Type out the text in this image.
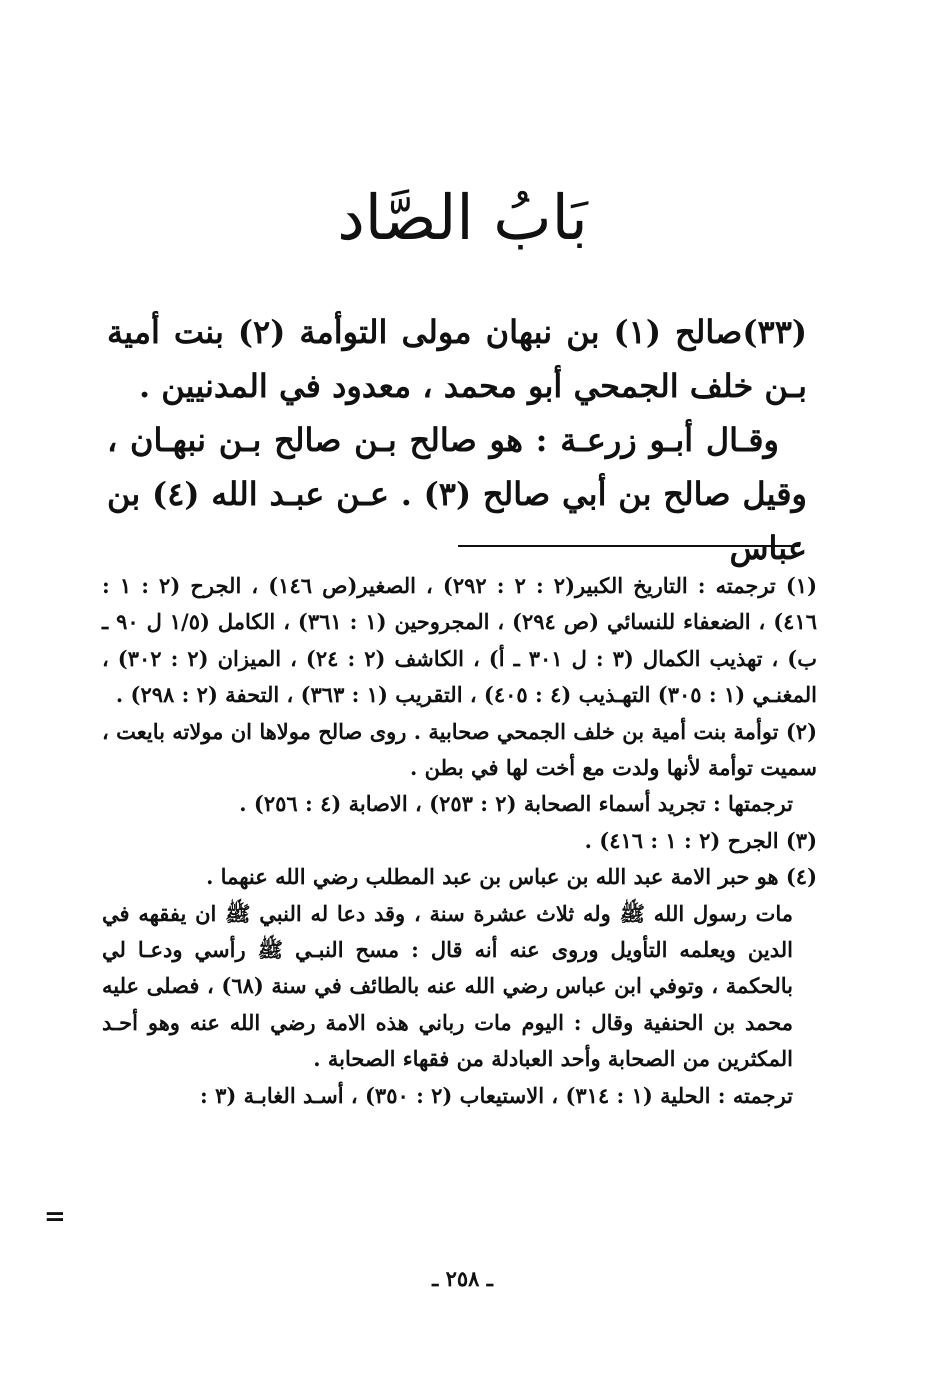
بَابُ الصَّاد

(٣٣)صالح (١) بن نبهان مولى التوأمة (٢) بنت أمية بـن خلف الجمحي أبو محمد ، معدود في المدنيين .

وقـال أبـو زرعـة : هو صالح بـن صالح بـن نبهـان ، وقيل صالح بن أبي صالح (٣) . عـن عبـد الله (٤) بن عباس

(١) ترجمته : التاريخ الكبير(٢ : ٢ : ٢٩٢) ، الصغير(ص ١٤٦) ، الجرح (٢ : ١ : ٤١٦) ، الضعفاء للنسائي (ص ٢٩٤) ، المجروحين (١ : ٣٦١) ، الكامل (١/٥ ل ٩٠ ـ ب) ، تهذيب الكمال (٣ : ل ٣٠١ ـ أ) ، الكاشف (٢ : ٢٤) ، الميزان (٢ : ٣٠٢) ، المغنـي (١ : ٣٠٥) التهـذيب (٤ : ٤٠٥) ، التقريب (١ : ٣٦٣) ، التحفة (٢ : ٢٩٨) .

(٢) توأمة بنت أمية بن خلف الجمحي صحابية . روى صالح مولاها ان مولاته بايعت ، سميت توأمة لأنها ولدت مع أخت لها في بطن .

ترجمتها : تجريد أسماء الصحابة (٢ : ٢٥٣) ، الاصابة (٤ : ٢٥٦) .

(٣) الجرح (٢ : ١ : ٤١٦) .

(٤) هو حبر الامة عبد الله بن عباس بن عبد المطلب رضي الله عنهما .

مات رسول الله ﷺ وله ثلاث عشرة سنة ، وقد دعا له النبي ﷺ ان يفقهه في الدين ويعلمه التأويل وروى عنه أنه قال : مسح النبـي ﷺ رأسي ودعـا لي بالحكمة ، وتوفي ابن عباس رضي الله عنه بالطائف في سنة (٦٨) ، فصلى عليه محمد بن الحنفية وقال : اليوم مات رباني هذه الامة رضي الله عنه وهو أحـد المكثرين من الصحابة وأحد العبادلة من فقهاء الصحابة .

ترجمته : الحلية (١ : ٣١٤) ، الاستيعاب (٢ : ٣٥٠) ، أسـد الغابـة (٣ :

=
ـ ٢٥٨ ـ
